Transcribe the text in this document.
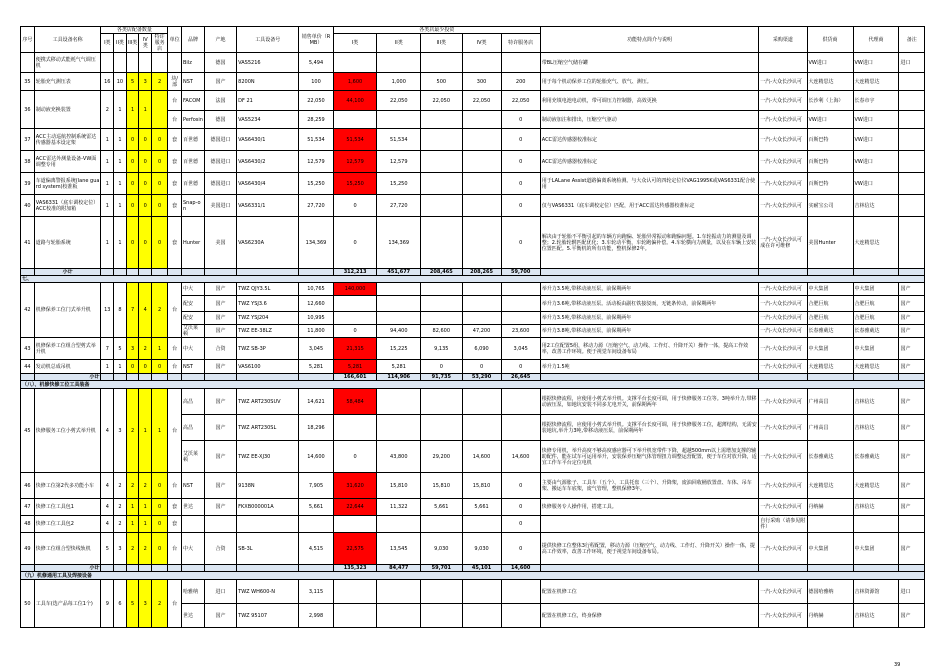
序号	工具设备名称	各类店配备数量					单位	品牌	产地	工具设备号	销售单价（RMB）	各类店最少投资					功能特点简介与说明	采购渠道	供货商	代理商	备注
		I类	II类	III类	IV类	特许服务店						I类	II类	III类	IV类	特许服务店					
	便携式移动式能耗气气调压机							Bilz	德国	VAS5216	5,494						带BL压缩空气储存罐		VW进口	VW进口	进口
35	轮胎充气测压表	16	10	5	3	2	块/部	NST	国产	8200N	100	1,600	1,000	500	300	200	用于每个机动保养工位的轮胎充气、放气、测压。	一汽-大众长沙认可	大连精思达	大连精思达	
36	制动液充换装置	2	1	1	1		台	FACOM	法国	DF 21	22,050	44,100	22,050	22,050	22,050	22,050	利用充填电池电动机，带可调压力控制器，高效更换	一汽-大众长沙认可	长沙利（上海）	长春市宇	
							台	Perfosin	德国	VAS5234	28,259					0	制动液加注和排出，压缩空气驱动	一汽-大众长沙认可	VW进口	VW进口	
37	ACC主动巡航控制系统雷达传感器基本设定架	1	1	0	0	0	套	百世德	德国进口	VAS6430/1	51,534	51,534	51,534			0	ACC雷达传感器校准标定	一汽-大众长沙认可	百斯巴特	VW进口	
38	ACC雷达外测量设备-VW面调整专用	1	1	0	0	0	套	百世德	德国进口	VAS6430/2	12,579	12,579	12,579			0	ACC雷达传感器校准标定	一汽-大众长沙认可	百斯巴特	VW进口	
39	车道偏离警报系统(lane guard system)校准板	1	1	0	0	0	套	百世德	德国进口	VAS6430/4	15,250	15,250	15,250			0	用于LALane Assist道路偏离系统检测。与大众认可的四轮定位仪VAG1995K或VAS6331配合使用	一汽-大众长沙认可	百斯巴特	VW进口	
40	VAS6331（底车调校定位）ACC校准的附加箱	1	1	0	0	0	套	Snap-on	美国进口	VAS6331/1	27,720	0	27,720			0	仅与VAS6331（底车调校定位）匹配，用于ACC雷达传感器校准标定	一汽-大众长沙认可	实耐宝公司	吉林信达	
41	道路与轮胎系统	1	1	0	0	0	套	Hunter	美国	VAS6230A	134,369	0	134,369			0	解决由于轮胎不平衡引起的车辆方向跑偏、轮胎异常振动和跑偏问题。1.车轮振动力的测量及调整；2.轮胎轮辋匹配优化；3.车轮动平衡，车轮跑偏补偿。4.车轮横向力测量，以及在车辆上安装位置匹配。5.平衡机的所有功能，整机保修2年。	一汽-大众长沙认可成在许可维修	美国Hunter	大连精思达	
	小计											312,213	451,677	208,465	208,265	59,700					
七、																					
42	机修保养工位门式举升机	13	8	7	4	2	台	中大	国产	TWZ QJY3.5L	10,765	140,000					举升力3.5吨,带移动液压泵，前保期两年	一汽-大众长沙认可	中大集团	中大集团	国产
								配安	国产	TWZ YSJ3.6	12,660						举升力3.6吨,带移动液压泵。活动板由副杠铁接驳而，无链条传动，前保期两年	一汽-大众长沙认可	合肥巨航	合肥巨航	国产
								配安	国产	TWZ YSJ204	10,995						举升力3.5吨,带移动液压泵，前保期两年	一汽-大众长沙认可	合肥巨航	合肥巨航	国产
								艾沃莱顿	国产	TWZ EE-38LZ	11,800	0	94,400	82,600	47,200	23,600	举升力3.8吨,带移动液压泵，前保期两年	一汽-大众长沙认可	长春雅葳达	长春雅葳达	国产
43	机修保养工位组合型剪式举升机	7	5	3	2	1	台	中大	合资	TWZ SB-3P	3,045	21,315	15,225	9,135	6,090	3,045	用2工位配置5组，移动力源（压缩空气、动力线、工作灯、升降开关）操作一体，提高工作效率，改善工作环境。便于视觉车间设备布局	一汽-大众长沙认可	中大集团	中大集团	国产
44	发动机总成吊机	1	1	0	0	0	台	NST	国产	VAS6100	5,281	5,281	5,281	0	0	0	举升力1.5吨	一汽-大众长沙认可	大连精思达	大连精思达	国产
	小计											166,601	114,906	91,735	53,290	26,645					
（八）、机修快修工位工具装备																					
45	快修服务工位小剪式举升机	4	3	2	1	1	台	高昌	国产	TWZ ART230SUV	14,621	58,484					根据快修流程，应使用小剪式举升机。支撑平台长度可调，用于快修服务工位等。3吨举升力,带移动液压泵，如地坑安装不同多尤电开关，前保期两年	一汽-大众长沙认可	广州高昌	吉林信达	国产
								高昌	国产	TWZ ART230SL	18,296						根据快修流程，应使用小剪式举升机。支撑平台长度可调，用于快修服务工位，超薄结构，无需安装地坑,举升力3吨,带移动液压泵，前保期两年	一汽-大众长沙认可	广州高昌	吉林信达	国产
								艾沃莱顿	国产	TWZ EE-XJ30	14,600	0	43,800	29,200	14,600	14,600	快修专用机，举升高度不够高度感应器可下举升机宽带件下降，超越500mm以上需增加支撑的辅助配件，能在试车可运用举升，安装保养压缩气体管理扭力调整运营配置，便于车位对放升降，适宜工作车平台定位电机	一汽-大众长沙认可	长春雅葳达	长春雅葳达	国产
46	快修工位第2代多功能小车	4	2	2	2	0	台	NST	国产	9138N	7,905	31,620	15,810	15,810	15,810	0	主要由气源胀子、工具车（五个）、工具托盘（三个）、升降架，废油回收桶放置盘、车体、吊车架、搬运车车底架，废气管理，整机保修3年。	一汽-大众长沙认可	大连精思达	大连精思达	国产
47	快修工位工具包1	4	2	1	1	0	套	世达	国产	FKXB000001A	5,661	22,644	11,322	5,661	5,661	0	快修服务专人操作用，搭建工具。	一汽-大众长沙认可	丹纳赫	吉林信达	国产
48	快修工位工具包2	4	2	1	1	0	套									0		自行采购（请参见附件）			
49	快修工位组合型快线轨机	5	3	2	2	0	台	中大	合资	SB-3L	4,515	22,575	13,545	9,030	9,030	0	提供快修工位整体3行程配置，移动力源（压缩空气、动力线、工作灯、升降开关）操作一体，提高工作效率，改善工作环境，便于视觉车间设备布局。	一汽-大众长沙认可	中大集团	中大集团	国产
	小计											135,323	84,477	59,701	45,101	14,600					
（九）机修通用工具及焊接设备																					
50	工具车(选产品每工位1个)	9	6	5	3	2	台	哈雅纳	进口	TWZ WH600-N	3,115						配置在机修工位	一汽-大众长沙认可	德国哈雅纳	吉林资源馆	进口
								世达	国产	TWZ 95107	2,998						配置在机修工位，终身保修	一汽-大众长沙认可	丹纳赫	吉林信达	国产
39
